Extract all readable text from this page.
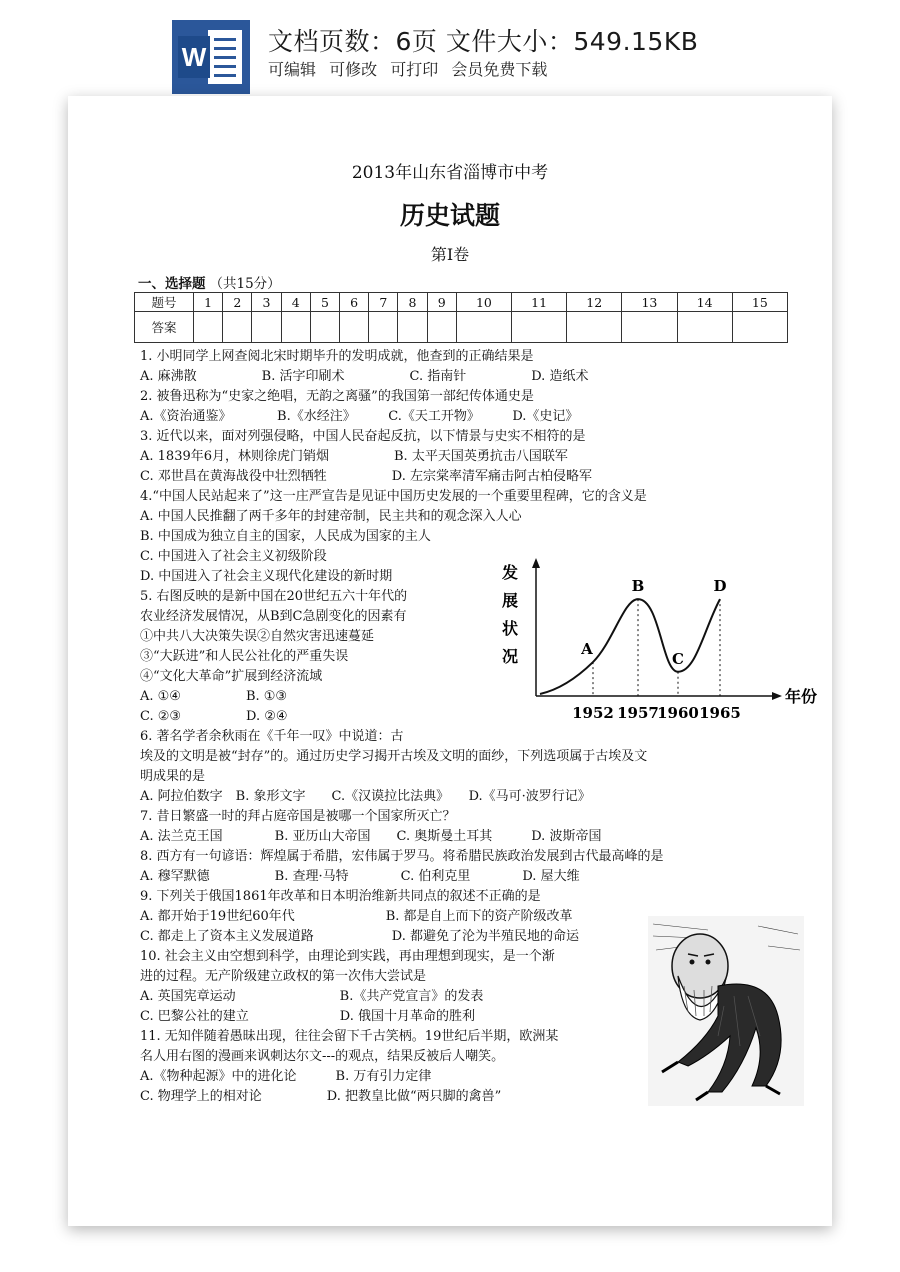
W
文档页数：6页 文件大小：549.15KB
可编辑 可修改 可打印 会员免费下载
2013年山东省淄博市中考
历史试题
第Ⅰ卷
一、选择题 （共15分）
题号	1	2	3	4	5	6	7	8	9	10	11	12	13	14	15
答案															
1. 小明同学上网查阅北宋时期毕升的发明成就，他查到的正确结果是
A. 麻沸散　　　　　B. 活字印刷术　　　　　C. 指南针　　　　　D. 造纸术
2. 被鲁迅称为“史家之绝唱，无韵之离骚”的我国第一部纪传体通史是
A.《资治通鉴》　　　　B.《水经注》　　　C.《天工开物》　　　D.《史记》
3. 近代以来，面对列强侵略，中国人民奋起反抗，以下情景与史实不相符的是
A. 1839年6月，林则徐虎门销烟　　　　　B. 太平天国英勇抗击八国联军
C. 邓世昌在黄海战役中壮烈牺牲　　　　　D. 左宗棠率清军痛击阿古柏侵略军
4.“中国人民站起来了”这一庄严宣告是见证中国历史发展的一个重要里程碑，它的含义是
A. 中国人民推翻了两千多年的封建帝制，民主共和的观念深入人心
B. 中国成为独立自主的国家，人民成为国家的主人
C. 中国进入了社会主义初级阶段
D. 中国进入了社会主义现代化建设的新时期
5. 右图反映的是新中国在20世纪五六十年代的
农业经济发展情况，从B到C急剧变化的因素有
①中共八大决策失误②自然灾害迅速蔓延
③“大跃进”和人民公社化的严重失误
④“文化大革命”扩展到经济流域
A. ①④　　　　　B. ①③
C. ②③　　　　　D. ②④
6. 著名学者余秋雨在《千年一叹》中说道：古
埃及的文明是被“封存”的。通过历史学习揭开古埃及文明的面纱，下列选项属于古埃及文
明成果的是
A. 阿拉伯数字　B. 象形文字　　C.《汉谟拉比法典》　　D.《马可·波罗行记》
7. 昔日繁盛一时的拜占庭帝国是被哪一个国家所灭亡？
A. 法兰克王国　　　　B. 亚历山大帝国　　C. 奥斯曼土耳其　　　D. 波斯帝国
8. 西方有一句谚语：辉煌属于希腊，宏伟属于罗马。将希腊民族政治发展到古代最高峰的是
A. 穆罕默德　　　　　B. 查理·马特　　　　C. 伯利克里　　　　D. 屋大维
9. 下列关于俄国1861年改革和日本明治维新共同点的叙述不正确的是
A. 都开始于19世纪60年代　　　　　　　B. 都是自上而下的资产阶级改革
C. 都走上了资本主义发展道路　　　　　　D. 都避免了沦为半殖民地的命运
10. 社会主义由空想到科学，由理论到实践，再由理想到现实，是一个渐
进的过程。无产阶级建立政权的第一次伟大尝试是
A. 英国宪章运动　　　　　　　　B.《共产党宣言》的发表
C. 巴黎公社的建立　　　　　　　D. 俄国十月革命的胜利
11. 无知伴随着愚昧出现，往往会留下千古笑柄。19世纪后半期，欧洲某
名人用右图的漫画来讽刺达尔文---的观点，结果反被后人嘲笑。
A.《物种起源》中的进化论　　　B. 万有引力定律
C. 物理学上的相对论　　　　　D. 把教皇比做“两只脚的禽兽”
发
展
状
况
年份
1952 1957
1960 1965
A
B
C
D
